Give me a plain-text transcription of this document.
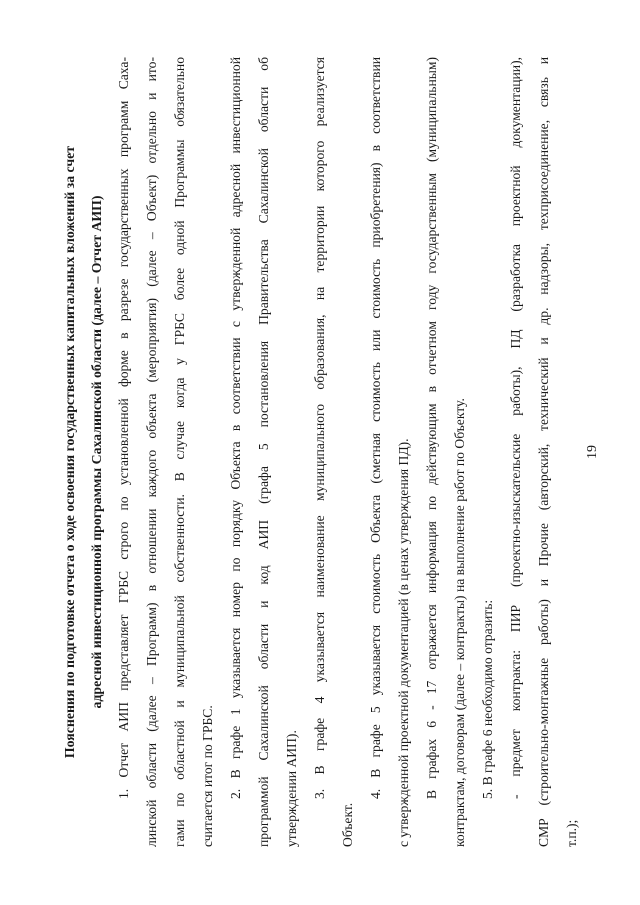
Пояснения по подготовке отчета о ходе освоения государственных капитальных вложений за счет адресной инвестиционной программы Сахалинской области (далее – Отчет АИП) 1. Отчет АИП представляет ГРБС строго по установленной форме в разрезе государственных программ Саха- линской области (далее – Программ) в отношении каждого объекта (мероприятия) (далее – Объект) отдельно и ито- гами по областной и муниципальной собственности. В случае когда у ГРБС более одной Программы обязательно считается итог по ГРБС. 2. В графе 1 указывается номер по порядку Объекта в соответствии с утвержденной адресной инвестиционной программой Сахалинской области и код АИП (графа 5 постановления Правительства Сахалинской области об утверждении АИП). 3. В графе 4 указывается наименование муниципального образования, на территории которого реализуется
Объект.

4. В графе 5 указывается стоимость Объекта (сметная стоимость или стоимость приобретения) в соответствии с утвержденной проектной документацией (в ценах утверждения ПД). В графах 6 - 17 отражается информация по действующим в отчетном году государственным (муниципальным) контрактам, договорам (далее – контракты) на выполнение работ по Объекту. 5. В графе 6 необходимо отразить: - предмет контракта: ПИР (проектно-изыскательские работы), ПД (разработка проектной документации), СМР (строительно-монтажные работы) и Прочие (авторский, технический и др. надзоры, техприсоединение, связь и т.п.);

19
